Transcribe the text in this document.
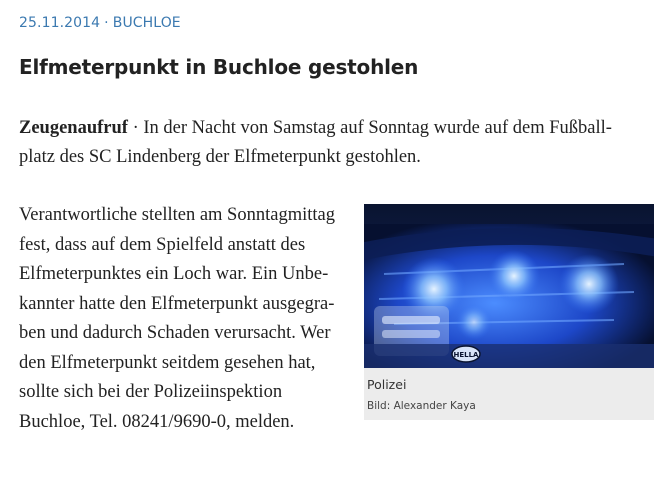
25.11.2014 · BUCHLOE
Elfmeterpunkt in Buchloe gestohlen

Zeugenaufruf · In der Nacht von Samstag auf Sonntag wurde auf dem Fußball-platz des SC Lindenberg der Elfmeterpunkt gestohlen.

Verantwortliche stellten am Sonntagmittag
fest, dass auf dem Spielfeld anstatt des
Elfmeterpunktes ein Loch war. Ein Unbe-
kannter hatte den Elfmeterpunkt ausgegra-
ben und dadurch Schaden verursacht. Wer
den Elfmeterpunkt seitdem gesehen hat,
sollte sich bei der Polizeiinspektion
Buchloe, Tel. 08241/9690-0, melden.

HELLA
Polizei
Bild: Alexander Kaya
